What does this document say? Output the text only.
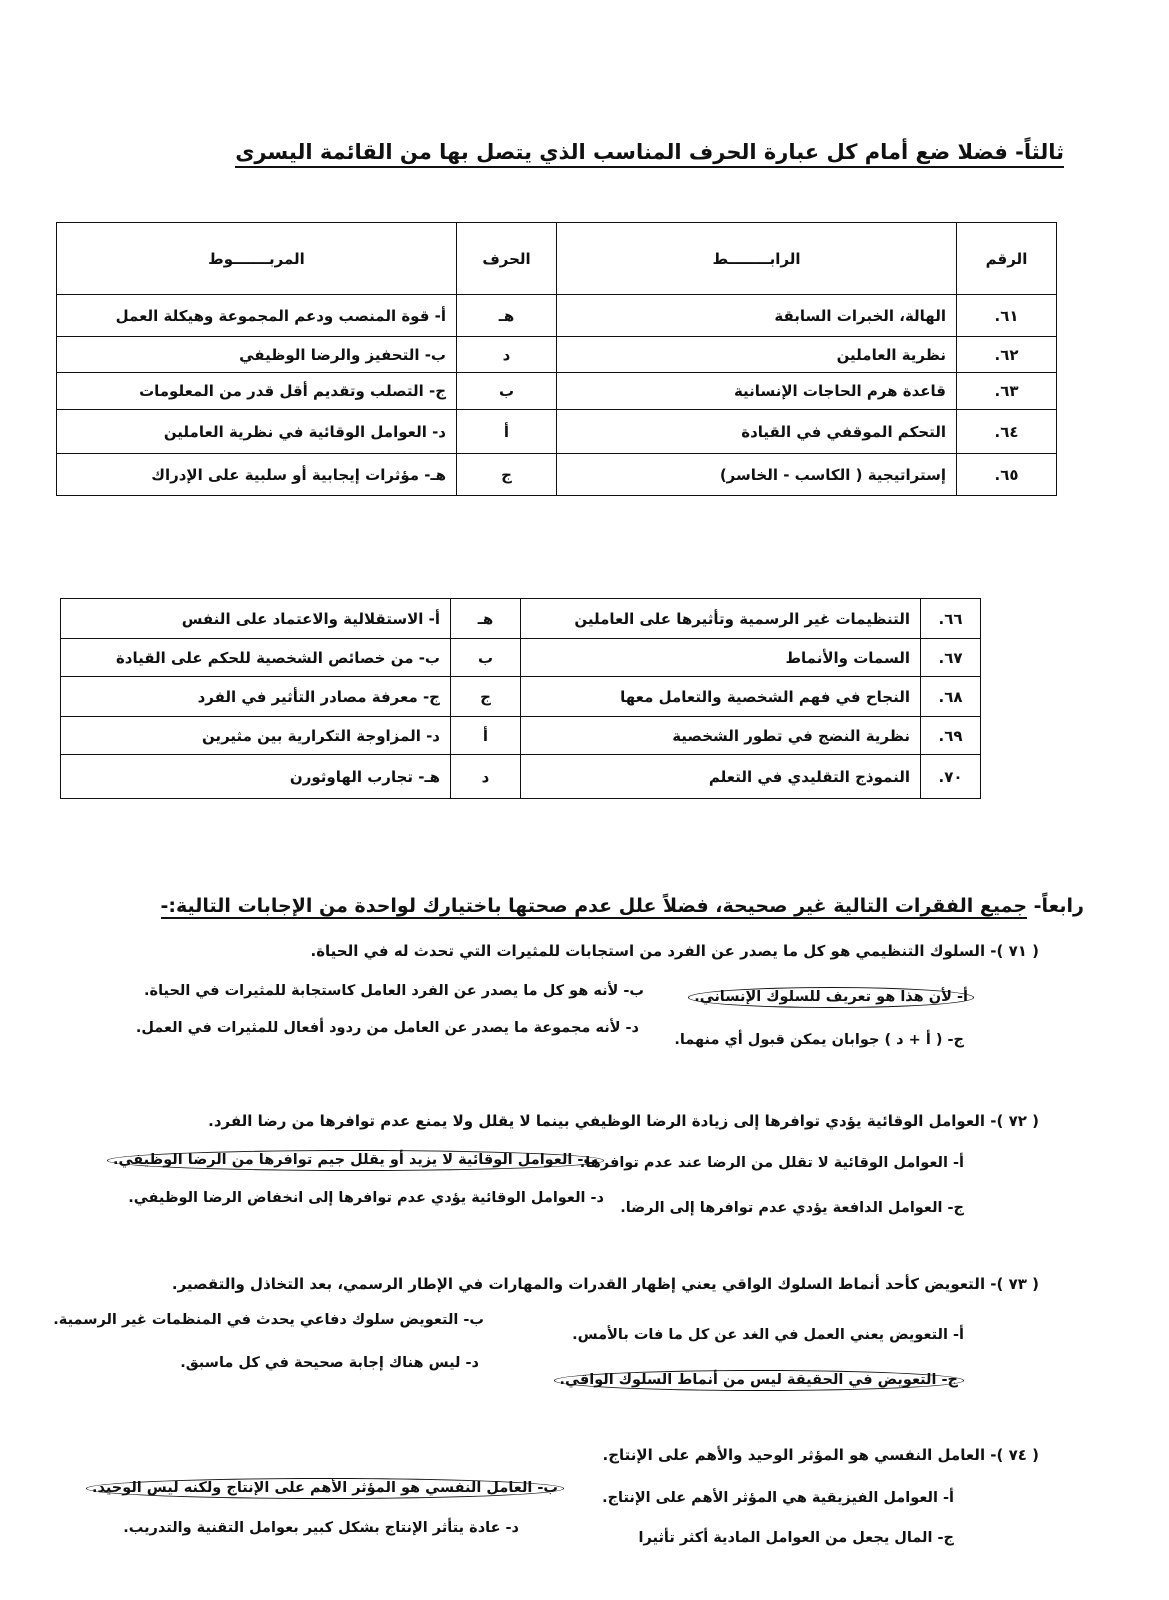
ثالثاً- فضلا ضع أمام كل عبارة الحرف المناسب الذي يتصل بها من القائمة اليسرى
الرقم	الرابــــــــط	الحرف	المربـــــــوط
٦١.	الهالة، الخبرات السابقة	هـ	أ- قوة المنصب ودعم المجموعة وهيكلة العمل
٦٢.	نظرية العاملين	د	ب- التحفيز والرضا الوظيفي
٦٣.	قاعدة هرم الحاجات الإنسانية	ب	ج- التصلب وتقديم أقل قدر من المعلومات
٦٤.	التحكم الموقفي في القيادة	أ	د- العوامل الوقائية في نظرية العاملين
٦٥.	إستراتيجية ( الكاسب - الخاسر)	ج	هـ- مؤثرات إيجابية أو سلبية على الإدراك
٦٦.	التنظيمات غير الرسمية وتأثيرها على العاملين	هـ	أ- الاستقلالية والاعتماد على النفس
٦٧.	السمات والأنماط	ب	ب- من خصائص الشخصية للحكم على القيادة
٦٨.	النجاح في فهم الشخصية والتعامل معها	ج	ج- معرفة مصادر التأثير في الفرد
٦٩.	نظرية النضج في تطور الشخصية	أ	د- المزاوجة التكرارية بين مثيرين
٧٠.	النموذج التقليدي في التعلم	د	هـ- تجارب الهاوثورن
رابعاً- جميع الفقرات التالية غير صحيحة، فضلاً علل عدم صحتها باختيارك لواحدة من الإجابات التالية:-
( ٧١ )- السلوك التنظيمي هو كل ما يصدر عن الفرد من استجابات للمثيرات التي تحدث له في الحياة.
أ- لأن هذا هو تعريف للسلوك الإنساني.
ب- لأنه هو كل ما يصدر عن الفرد العامل كاستجابة للمثيرات في الحياة.
ج- ( أ + د ) جوابان يمكن قبول أي منهما.
د- لأنه مجموعة ما يصدر عن العامل من ردود أفعال للمثيرات في العمل.
( ٧٢ )- العوامل الوقائية يؤدي توافرها إلى زيادة الرضا الوظيفي بينما لا يقلل ولا يمنع عدم توافرها من رضا الفرد.
أ- العوامل الوقائية لا تقلل من الرضا عند عدم توافرها.
ب- العوامل الوقائية لا يزيد أو يقلل جيم توافرها من الرضا الوظيفي.
ج- العوامل الدافعة يؤدي عدم توافرها إلى الرضا.
د- العوامل الوقائية يؤدي عدم توافرها إلى انخفاض الرضا الوظيفي.
( ٧٣ )- التعويض كأحد أنماط السلوك الواقي يعني إظهار القدرات والمهارات في الإطار الرسمي، بعد التخاذل والتقصير.
أ- التعويض يعني العمل في الغد عن كل ما فات بالأمس.
ب- التعويض سلوك دفاعي يحدث في المنظمات غير الرسمية.
ج- التعويض في الحقيقة ليس من أنماط السلوك الواقي.
د- ليس هناك إجابة صحيحة في كل ماسبق.
( ٧٤ )- العامل النفسي هو المؤثر الوحيد والأهم على الإنتاج.
أ- العوامل الفيزيقية هي المؤثر الأهم على الإنتاج.
ب- العامل النفسي هو المؤثر الأهم على الإنتاج ولكنه ليس الوحيد.
ج- المال يجعل من العوامل المادية أكثر تأثيرا
د- عادة يتأثر الإنتاج بشكل كبير بعوامل التقنية والتدريب.
